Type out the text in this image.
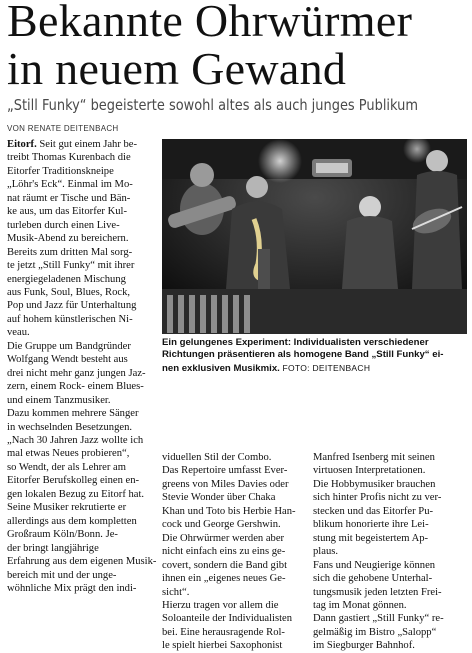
Bekannte Ohrwürmer
in neuem Gewand
„Still Funky“ begeisterte sowohl altes als auch junges Publikum
VON RENATE DEITENBACH

Eitorf. Seit gut einem Jahr be-
treibt Thomas Kurenbach die
Eitorfer Traditionskneipe
„Löhr's Eck“. Einmal im Mo-
nat räumt er Tische und Bän-
ke aus, um das Eitorfer Kul-
turleben durch einen Live-
Musik-Abend zu bereichern.
Bereits zum dritten Mal sorg-
te jetzt „Still Funky“ mit ihrer
energiegeladenen Mischung
aus Funk, Soul, Blues, Rock,
Pop und Jazz für Unterhaltung
auf hohem künstlerischen Ni-
veau.
Die Gruppe um Bandgründer
Wolfgang Wendt besteht aus
drei nicht mehr ganz jungen Jaz-
zern, einem Rock- einem Blues-
und einem Tanzmusiker.
Dazu kommen mehrere Sänger
in wechselnden Besetzungen.
„Nach 30 Jahren Jazz wollte ich
mal etwas Neues probieren“,
so Wendt, der als Lehrer am
Eitorfer Berufskolleg einen en-
gen lokalen Bezug zu Eitorf hat.
Seine Musiker rekrutierte er
allerdings aus dem kompletten
Großraum Köln/Bonn. Je-
der bringt langjährige
Erfahrung aus dem eigenen Musik-
bereich mit und der unge-
wöhnliche Mix prägt den indi-

Ein gelungenes Experiment: Individualisten verschiedener
Richtungen präsentieren als homogene Band „Still Funky“ ei-
nen exklusiven Musikmix. FOTO: DEITENBACH

viduellen Stil der Combo.
Das Repertoire umfasst Ever-
greens von Miles Davies oder
Stevie Wonder über Chaka
Khan und Toto bis Herbie Han-
cock und George Gershwin.
Die Ohrwürmer werden aber
nicht einfach eins zu eins ge-
covert, sondern die Band gibt
ihnen ein „eigenes neues Ge-
sicht“.
Hierzu tragen vor allem die
Soloanteile der Individualisten
bei. Eine herausragende Rol-
le spielt hierbei Saxophonist

Manfred Isenberg mit seinen
virtuosen Interpretationen.
Die Hobbymusiker brauchen
sich hinter Profis nicht zu ver-
stecken und das Eitorfer Pu-
blikum honorierte ihre Lei-
stung mit begeistertem Ap-
plaus.
Fans und Neugierige können
sich die gehobene Unterhal-
tungsmusik jeden letzten Frei-
tag im Monat gönnen.
Dann gastiert „Still Funky“ re-
gelmäßig im Bistro „Salopp“
im Siegburger Bahnhof.
